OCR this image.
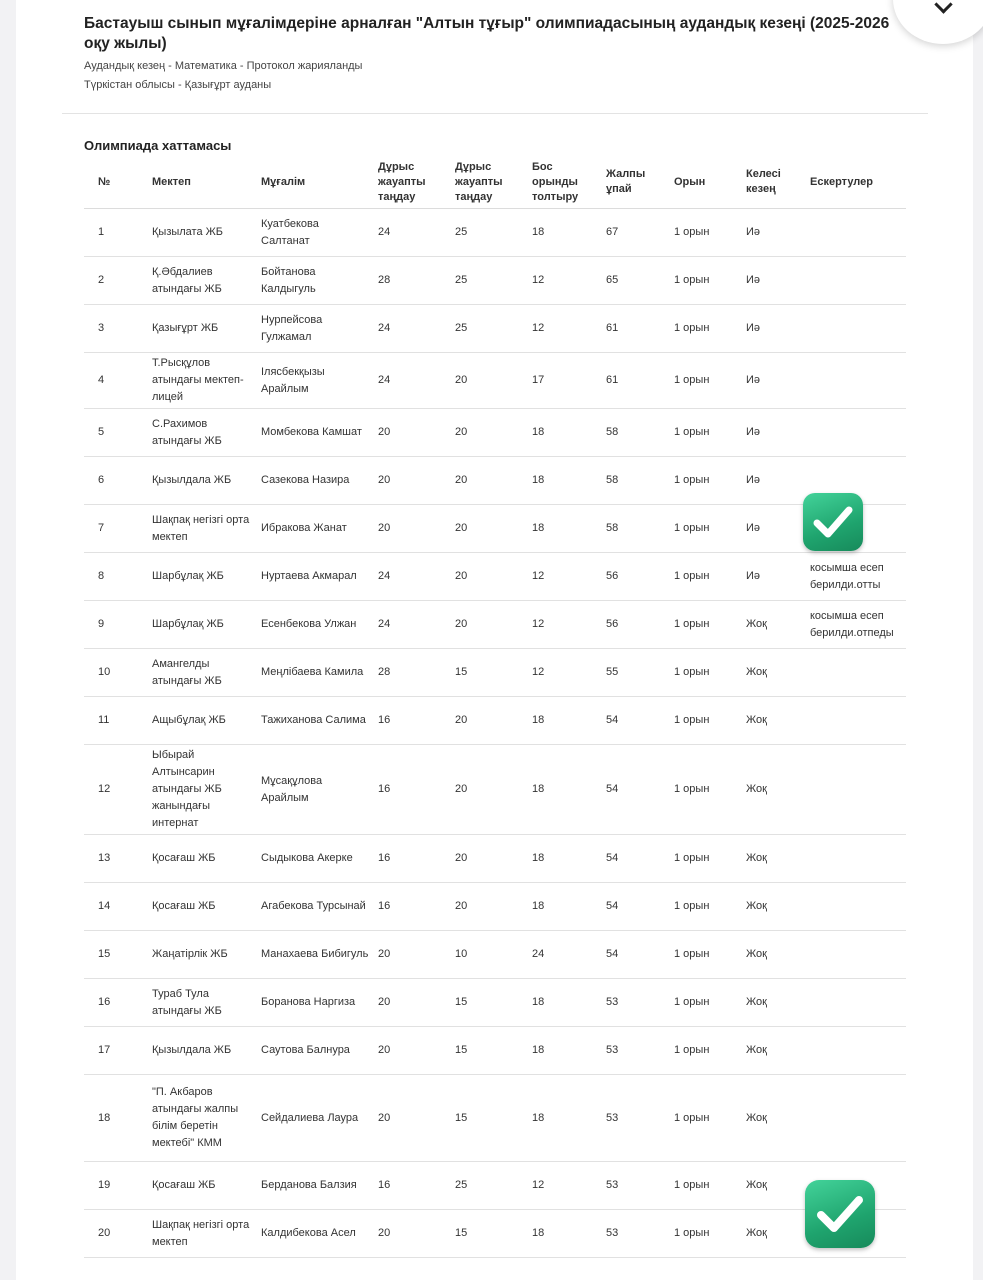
Бастауыш сынып мұғалімдеріне арналған "Алтын тұғыр" олимпиадасының аудандық кезеңі (2025-2026 оқу жылы)
Аудандық кезең - Математика - Протокол жарияланды
Түркістан облысы - Қазығұрт ауданы
Олимпиада хаттамасы
№	Мектеп	Мұғалім	Дұрыс жауапты таңдау	Дұрыс жауапты таңдау	Бос орынды толтыру	Жалпы ұпай	Орын	Келесі кезең	Ескертулер
1	Қызылата ЖБ	Куатбекова Салтанат	24	25	18	67	1 орын	Иә	
2	Қ.Әбдалиев атындағы ЖБ	Бойтанова Калдыгуль	28	25	12	65	1 орын	Иә	
3	Қазығұрт ЖБ	Нурпейсова Гулжамал	24	25	12	61	1 орын	Иә	
4	Т.Рысқұлов атындағы мектеп-лицей	Ілясбекқызы Арайлым	24	20	17	61	1 орын	Иә	
5	С.Рахимов атындағы ЖБ	Момбекова Камшат	20	20	18	58	1 орын	Иә	
6	Қызылдала ЖБ	Сазекова Назира	20	20	18	58	1 орын	Иә	
7	Шақпақ негізгі орта мектеп	Ибракова Жанат	20	20	18	58	1 орын	Иә	
8	Шарбұлақ ЖБ	Нуртаева Акмарал	24	20	12	56	1 орын	Иә	косымша есеп берилди.отты
9	Шарбұлақ ЖБ	Есенбекова Улжан	24	20	12	56	1 орын	Жоқ	косымша есеп берилди.отпеды
10	Амангелды атындағы ЖБ	Меңлібаева Камила	28	15	12	55	1 орын	Жоқ	
11	Ащыбұлақ ЖБ	Тажиханова Салима	16	20	18	54	1 орын	Жоқ	
12	Ыбырай Алтынсарин атындағы ЖБ жанындағы интернат	Мұсақұлова Арайлым	16	20	18	54	1 орын	Жоқ	
13	Қосағаш ЖБ	Сыдыкова Акерке	16	20	18	54	1 орын	Жоқ	
14	Қосағаш ЖБ	Агабекова Турсынай	16	20	18	54	1 орын	Жоқ	
15	Жаңатірлік ЖБ	Манахаева Бибигуль	20	10	24	54	1 орын	Жоқ	
16	Тураб Тула атындағы ЖБ	Боранова Наргиза	20	15	18	53	1 орын	Жоқ	
17	Қызылдала ЖБ	Саутова Балнура	20	15	18	53	1 орын	Жоқ	
18	"П. Акбаров атындағы жалпы білім беретін мектебі" КММ	Сейдалиева Лаура	20	15	18	53	1 орын	Жоқ	
19	Қосағаш ЖБ	Берданова Балзия	16	25	12	53	1 орын	Жоқ	
20	Шақпақ негізгі орта мектеп	Калдибекова Асел	20	15	18	53	1 орын	Жоқ	
